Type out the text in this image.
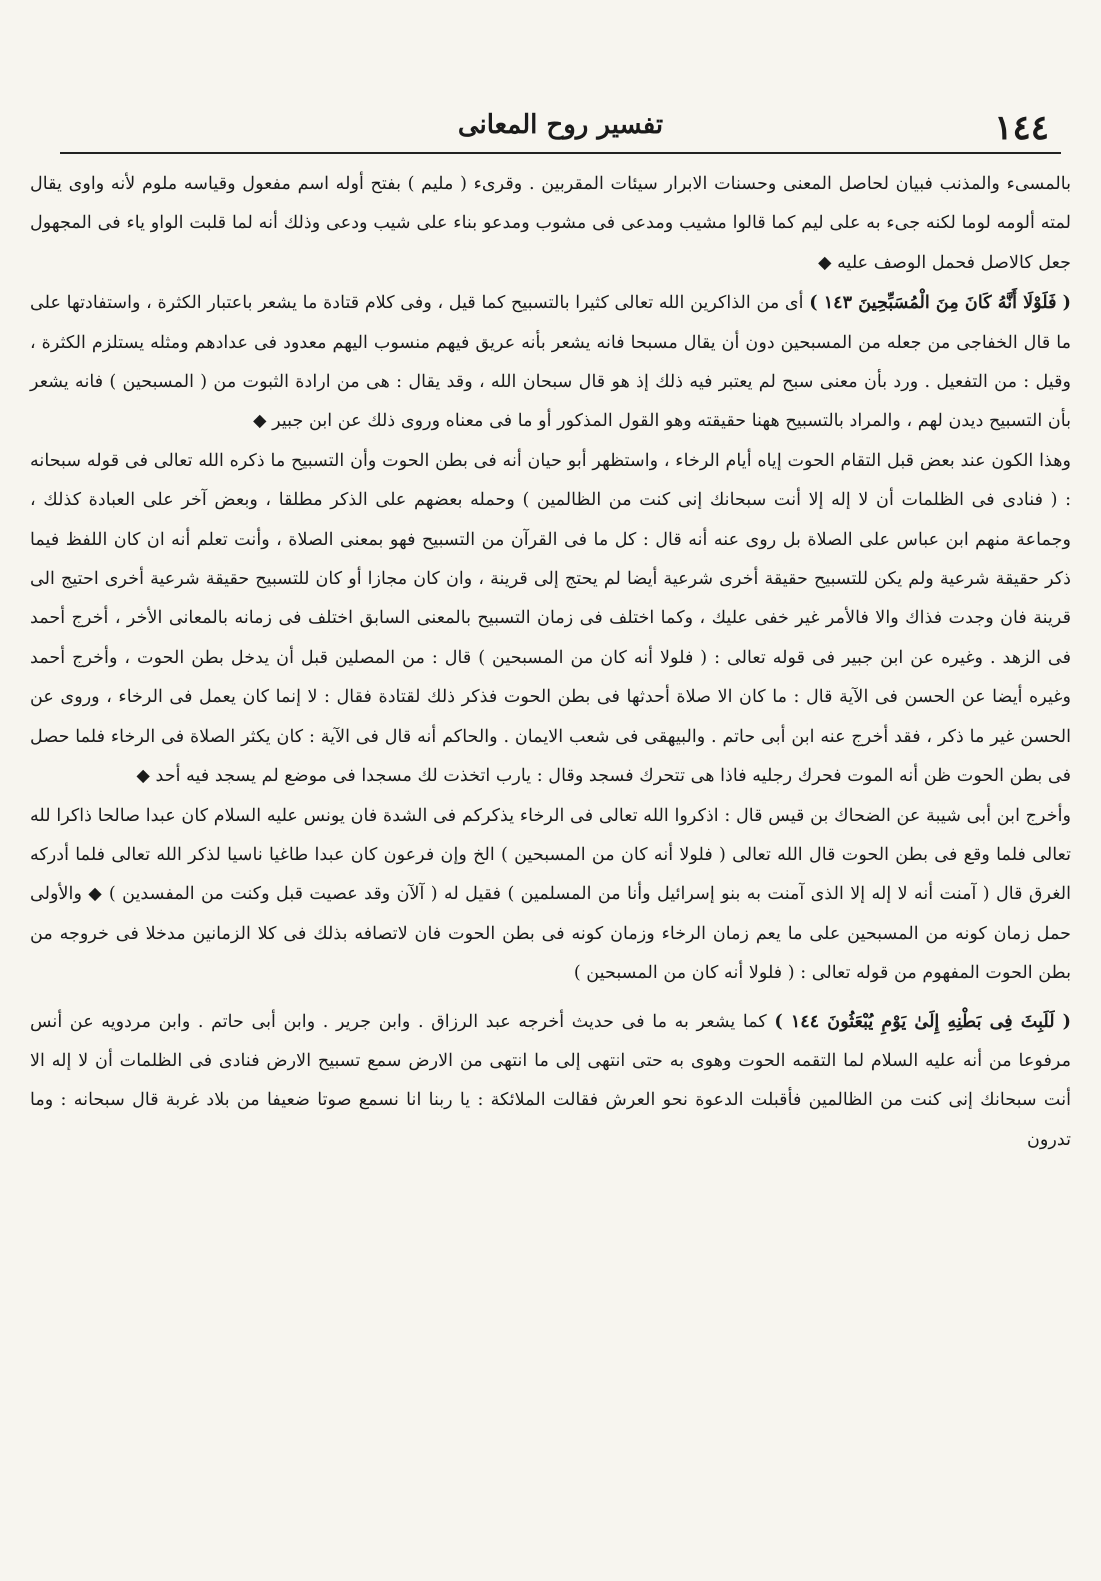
١٤٤
تفسير روح المعانى

بالمسىء والمذنب فبيان لحاصل المعنى وحسنات الابرار سيئات المقربين . وقرىء ( مليم ) بفتح أوله اسم مفعول وقياسه ملوم لأنه واوى يقال لمته ألومه لوما لكنه جىء به على ليم كما قالوا مشيب ومدعى فى مشوب ومدعو بناء على شيب ودعى وذلك أنه لما قلبت الواو ياء فى المجهول جعل كالاصل فحمل الوصف عليه ◆

( فَلَوْلَا أَنَّهُ كَانَ مِنَ الْمُسَبِّحِينَ ١٤٣ ) أى من الذاكرين الله تعالى كثيرا بالتسبيح كما قيل ، وفى كلام قتادة ما يشعر باعتبار الكثرة ، واستفادتها على ما قال الخفاجى من جعله من المسبحين دون أن يقال مسبحا فانه يشعر بأنه عريق فيهم منسوب اليهم معدود فى عدادهم ومثله يستلزم الكثرة ، وقيل : من التفعيل . ورد بأن معنى سبح لم يعتبر فيه ذلك إذ هو قال سبحان الله ، وقد يقال : هى من ارادة الثبوت من ( المسبحين ) فانه يشعر بأن التسبيح ديدن لهم ، والمراد بالتسبيح ههنا حقيقته وهو القول المذكور أو ما فى معناه وروى ذلك عن ابن جبير ◆

وهذا الكون عند بعض قبل التقام الحوت إياه أيام الرخاء ، واستظهر أبو حيان أنه فى بطن الحوت وأن التسبيح ما ذكره الله تعالى فى قوله سبحانه : ( فنادى فى الظلمات أن لا إله إلا أنت سبحانك إنى كنت من الظالمين ) وحمله بعضهم على الذكر مطلقا ، وبعض آخر على العبادة كذلك ، وجماعة منهم ابن عباس على الصلاة بل روى عنه أنه قال : كل ما فى القرآن من التسبيح فهو بمعنى الصلاة ، وأنت تعلم أنه ان كان اللفظ فيما ذكر حقيقة شرعية ولم يكن للتسبيح حقيقة أخرى شرعية أيضا لم يحتج إلى قرينة ، وان كان مجازا أو كان للتسبيح حقيقة شرعية أخرى احتيج الى قرينة فان وجدت فذاك والا فالأمر غير خفى عليك ، وكما اختلف فى زمان التسبيح بالمعنى السابق اختلف فى زمانه بالمعانى الأخر ، أخرج أحمد فى الزهد . وغيره عن ابن جبير فى قوله تعالى : ( فلولا أنه كان من المسبحين ) قال : من المصلين قبل أن يدخل بطن الحوت ، وأخرج أحمد وغيره أيضا عن الحسن فى الآية قال : ما كان الا صلاة أحدثها فى بطن الحوت فذكر ذلك لقتادة فقال : لا إنما كان يعمل فى الرخاء ، وروى عن الحسن غير ما ذكر ، فقد أخرج عنه ابن أبى حاتم . والبيهقى فى شعب الايمان . والحاكم أنه قال فى الآية : كان يكثر الصلاة فى الرخاء فلما حصل فى بطن الحوت ظن أنه الموت فحرك رجليه فاذا هى تتحرك فسجد وقال : يارب اتخذت لك مسجدا فى موضع لم يسجد فيه أحد ◆

وأخرج ابن أبى شيبة عن الضحاك بن قيس قال : اذكروا الله تعالى فى الرخاء يذكركم فى الشدة فان يونس عليه السلام كان عبدا صالحا ذاكرا لله تعالى فلما وقع فى بطن الحوت قال الله تعالى ( فلولا أنه كان من المسبحين ) الخ وإن فرعون كان عبدا طاغيا ناسيا لذكر الله تعالى فلما أدركه الغرق قال ( آمنت أنه لا إله إلا الذى آمنت به بنو إسرائيل وأنا من المسلمين ) فقيل له ( آلآن وقد عصيت قبل وكنت من المفسدين ) ◆ والأولى حمل زمان كونه من المسبحين على ما يعم زمان الرخاء وزمان كونه فى بطن الحوت فان لاتصافه بذلك فى كلا الزمانين مدخلا فى خروجه من بطن الحوت المفهوم من قوله تعالى : ( فلولا أنه كان من المسبحين )

( لَلَبِثَ فِى بَطْنِهِ إِلَىٰ يَوْمِ يُبْعَثُونَ ١٤٤ ) كما يشعر به ما فى حديث أخرجه عبد الرزاق . وابن جرير . وابن أبى حاتم . وابن مردويه عن أنس مرفوعا من أنه عليه السلام لما التقمه الحوت وهوى به حتى انتهى إلى ما انتهى من الارض سمع تسبيح الارض فنادى فى الظلمات أن لا إله الا أنت سبحانك إنى كنت من الظالمين فأقبلت الدعوة نحو العرش فقالت الملائكة : يا ربنا انا نسمع صوتا ضعيفا من بلاد غربة قال سبحانه : وما تدرون
